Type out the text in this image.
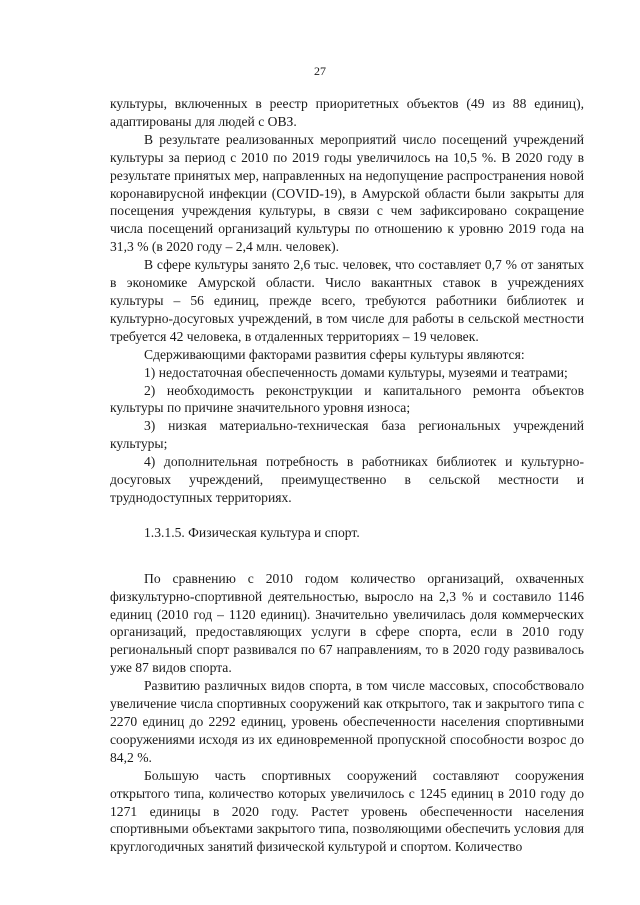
27

культуры, включенных в реестр приоритетных объектов (49 из 88 единиц), адаптированы для людей с ОВЗ.

В результате реализованных мероприятий число посещений учреждений культуры за период с 2010 по 2019 годы увеличилось на 10,5 %. В 2020 году в результате принятых мер, направленных на недопущение распространения новой коронавирусной инфекции (COVID-19), в Амурской области были закрыты для посещения учреждения культуры, в связи с чем зафиксировано сокращение числа посещений организаций культуры по отношению к уровню 2019 года на 31,3 % (в 2020 году – 2,4 млн. человек).

В сфере культуры занято 2,6 тыс. человек, что составляет 0,7 % от занятых в экономике Амурской области. Число вакантных ставок в учреждениях культуры – 56 единиц, прежде всего, требуются работники библиотек и культурно-досуговых учреждений, в том числе для работы в сельской местности требуется 42 человека, в отдаленных территориях – 19 человек.

Сдерживающими факторами развития сферы культуры являются:

1) недостаточная обеспеченность домами культуры, музеями и театрами;

2) необходимость реконструкции и капитального ремонта объектов культуры по причине значительного уровня износа;

3) низкая материально-техническая база региональных учреждений культуры;

4) дополнительная потребность в работниках библиотек и культурно-досуговых учреждений, преимущественно в сельской местности и труднодоступных территориях.

1.3.1.5. Физическая культура и спорт.

По сравнению с 2010 годом количество организаций, охваченных физкультурно-спортивной деятельностью, выросло на 2,3 % и составило 1146 единиц (2010 год – 1120 единиц). Значительно увеличилась доля коммерческих организаций, предоставляющих услуги в сфере спорта, если в 2010 году региональный спорт развивался по 67 направлениям, то в 2020 году развивалось уже 87 видов спорта.

Развитию различных видов спорта, в том числе массовых, способствовало увеличение числа спортивных сооружений как открытого, так и закрытого типа с 2270 единиц до 2292 единиц, уровень обеспеченности населения спортивными сооружениями исходя из их единовременной пропускной способности возрос до 84,2 %.

Большую часть спортивных сооружений составляют сооружения открытого типа, количество которых увеличилось с 1245 единиц в 2010 году до 1271 единицы в 2020 году. Растет уровень обеспеченности населения спортивными объектами закрытого типа, позволяющими обеспечить условия для круглогодичных занятий физической культурой и спортом. Количество
